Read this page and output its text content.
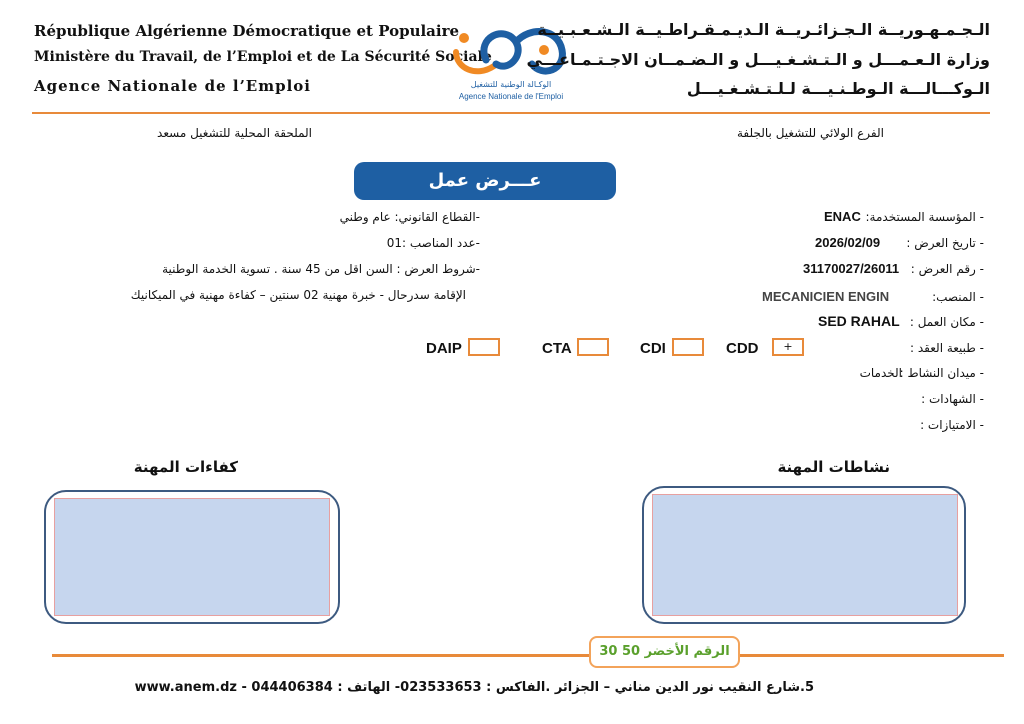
République Algérienne Démocratique et Populaire
Ministère du Travail, de l’Emploi et de La Sécurité Sociale
Agence Nationale de l’Emploi	الوكـالة الوطنية للتشغيل
Agence Nationale de l'Emploi
الـجـمـهـوريــة الـجـزائـريــة الـديـمـقـراطـيــة الـشـعـبـيــة
وزارة الـعـمـــل و الـتـشـغـيـــل و الـضـمــان الاجـتـمـاعـــي
الـوكـــالـــة الـوطـنـيـــة لـلـتـشـغـيـــل
الملحقة المحلية للتشغيل مسعد	الفرع الولائي للتشغيل بالجلفة
عـــرض عمل
- المؤسسة المستخدمة:
ENAC
- تاريخ العرض :
2026/02/09
- رقم العرض :
31170027/26011
- المنصب:
MECANICIEN ENGIN
- مكان العمل :
SED RAHAL
- طبيعة العقد :
- ميدان النشاط :
الخدمات
- الشهادات :
- الامتيازات :
-القطاع القانوني: عام وطني
-عدد المناصب :01
-شروط العرض : السن اقل من 45 سنة . تسوية الخدمة الوطنية
الإقامة سدرحال - خبرة مهنية 02 سنتين – كفاءة مهنية في الميكانيك
DAIP	CTA	CDI	CDD	+
كفاءات المهنة	نشاطات المهنة
الرقم الأخضر 50 30
5.شارع النقيب نور الدين مناني – الجزائر .الفاكس : 023533653- الهاتف : 044406384 - www.anem.dz
